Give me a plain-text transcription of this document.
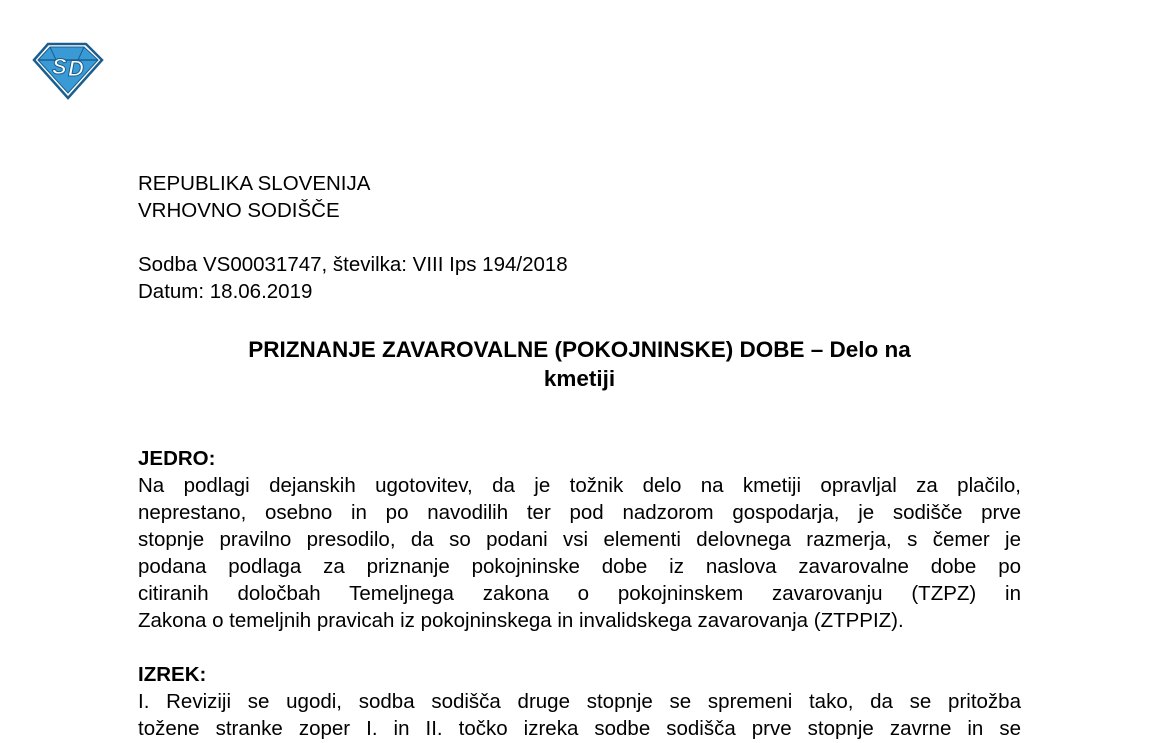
S D
REPUBLIKA SLOVENIJA
VRHOVNO SODIŠČE
Sodba VS00031747, številka: VIII Ips 194/2018
Datum: 18.06.2019
PRIZNANJE ZAVAROVALNE (POKOJNINSKE) DOBE – Delo na
kmetiji
JEDRO:
Na podlagi dejanskih ugotovitev, da je tožnik delo na kmetiji opravljal za plačilo,
neprestano, osebno in po navodilih ter pod nadzorom gospodarja, je sodišče prve
stopnje pravilno presodilo, da so podani vsi elementi delovnega razmerja, s čemer je
podana podlaga za priznanje pokojninske dobe iz naslova zavarovalne dobe po
citiranih določbah Temeljnega zakona o pokojninskem zavarovanju (TZPZ) in
Zakona o temeljnih pravicah iz pokojninskega in invalidskega zavarovanja (ZTPPIZ).
IZREK:
I. Reviziji se ugodi, sodba sodišča druge stopnje se spremeni tako, da se pritožba
tožene stranke zoper I. in II. točko izreka sodbe sodišča prve stopnje zavrne in se
